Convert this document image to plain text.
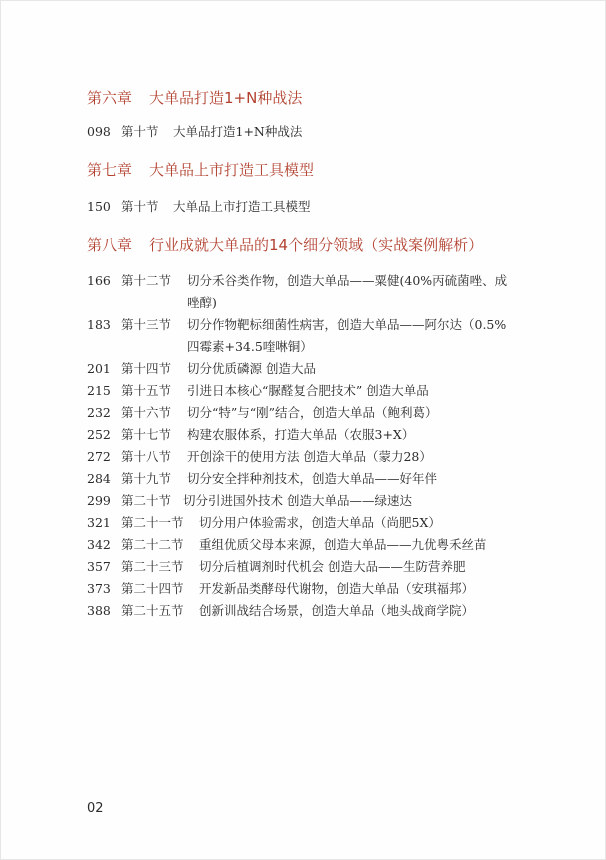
第六章 大单品打造1+N种战法
098 第十节 大单品打造1+N种战法
第七章 大单品上市打造工具模型
150 第十节 大单品上市打造工具模型
第八章 行业成就大单品的14个细分领域（实战案例解析）
166 第十二节 切分禾谷类作物，创造大单品——粟健(40%丙硫菌唑、成
唑醇)
183 第十三节 切分作物靶标细菌性病害，创造大单品——阿尔达（0.5%
四霉素+34.5喹啉铜）
201 第十四节 切分优质磷源 创造大品
215 第十五节 引进日本核心“脲醛复合肥技术” 创造大单品
232 第十六节 切分“特”与“刚”结合，创造大单品（鲍利葛）
252 第十七节 构建农服体系，打造大单品（农服3+X）
272 第十八节 开创涂干的使用方法 创造大单品（蒙力28）
284 第十九节 切分安全拌种剂技术，创造大单品——好年伴
299 第二十节 切分引进国外技术 创造大单品——绿速达
321 第二十一节 切分用户体验需求，创造大单品（尚肥5X）
342 第二十二节 重组优质父母本来源，创造大单品——九优粤禾丝苗
357 第二十三节 切分后植调剂时代机会 创造大品——生防营养肥
373 第二十四节 开发新品类酵母代谢物，创造大单品（安琪福邦）
388 第二十五节 创新训战结合场景，创造大单品（地头战商学院）
02
